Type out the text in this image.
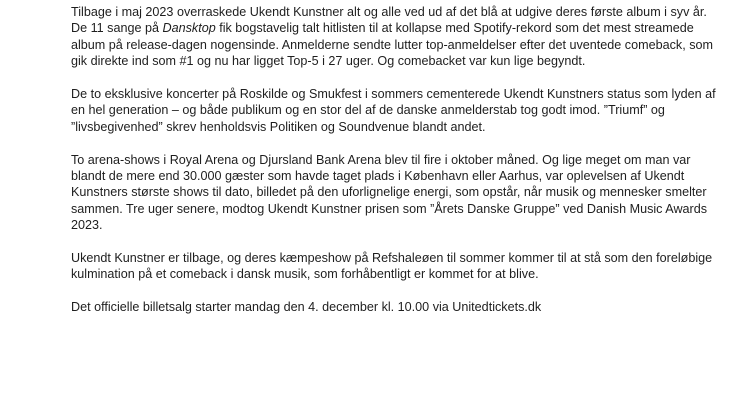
Tilbage i maj 2023 overraskede Ukendt Kunstner alt og alle ved ud af det blå at udgive deres første album i syv år. De 11 sange på Dansktop fik bogstavelig talt hitlisten til at kollapse med Spotify-rekord som det mest streamede album på release-dagen nogensinde. Anmelderne sendte lutter top-anmeldelser efter det uventede comeback, som gik direkte ind som #1 og nu har ligget Top-5 i 27 uger. Og comebacket var kun lige begyndt.

De to eksklusive koncerter på Roskilde og Smukfest i sommers cementerede Ukendt Kunstners status som lyden af en hel generation – og både publikum og en stor del af de danske anmelderstab tog godt imod. ”Triumf” og ”livsbegivenhed” skrev henholdsvis Politiken og Soundvenue blandt andet.

To arena-shows i Royal Arena og Djursland Bank Arena blev til fire i oktober måned. Og lige meget om man var blandt de mere end 30.000 gæster som havde taget plads i København eller Aarhus, var oplevelsen af Ukendt Kunstners største shows til dato, billedet på den uforlignelige energi, som opstår, når musik og mennesker smelter sammen. Tre uger senere, modtog Ukendt Kunstner prisen som ”Årets Danske Gruppe” ved Danish Music Awards 2023.

Ukendt Kunstner er tilbage, og deres kæmpeshow på Refshaleøen til sommer kommer til at stå som den foreløbige kulmination på et comeback i dansk musik, som forhåbentligt er kommet for at blive.

Det officielle billetsalg starter mandag den 4. december kl. 10.00 via Unitedtickets.dk
